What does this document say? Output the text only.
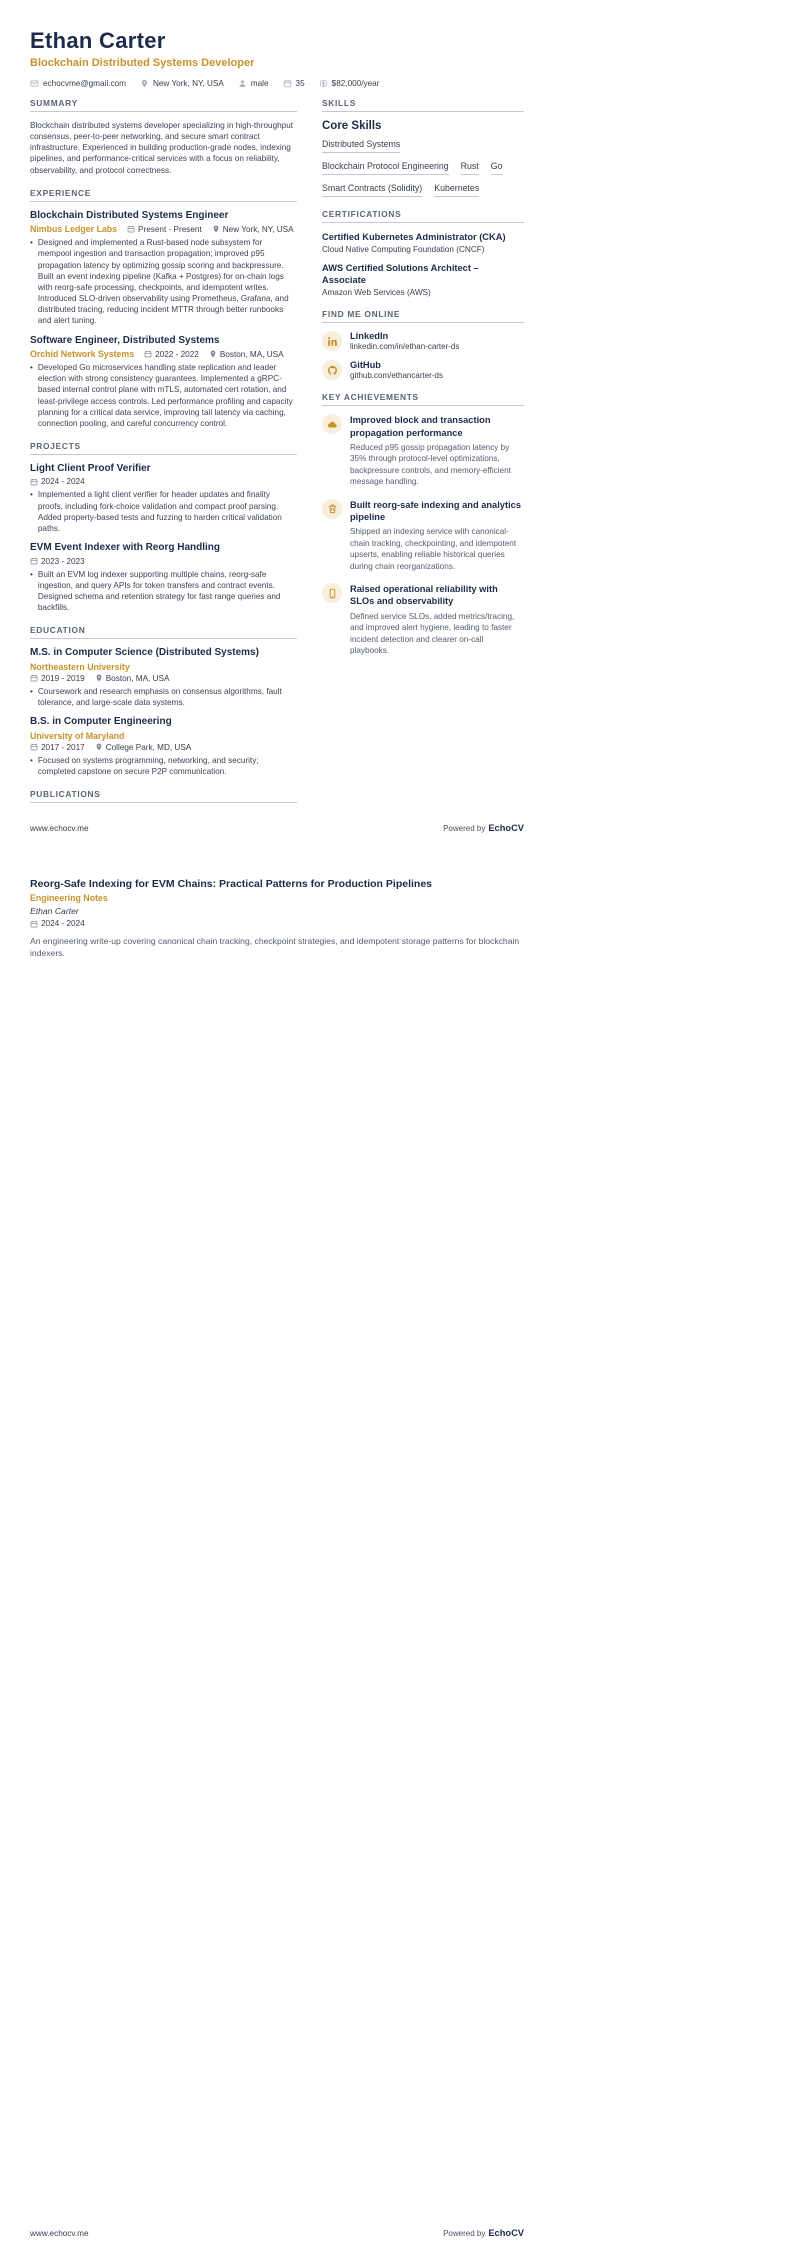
Ethan Carter
Blockchain Distributed Systems Developer
echocvme@gmail.com	New York, NY, USA	male	35	$82,000/year
SUMMARY

Blockchain distributed systems developer specializing in high-throughput consensus, peer-to-peer networking, and secure smart contract infrastructure. Experienced in building production-grade nodes, indexing pipelines, and performance-critical services with a focus on reliability, observability, and protocol correctness.

EXPERIENCE
Blockchain Distributed Systems Engineer
Nimbus Ledger Labs	Present - Present	New York, NY, USA
• Designed and implemented a Rust-based node subsystem for mempool ingestion and transaction propagation; improved p95 propagation latency by optimizing gossip scoring and backpressure. Built an event indexing pipeline (Kafka + Postgres) for on-chain logs with reorg-safe processing, checkpoints, and idempotent writes. Introduced SLO-driven observability using Prometheus, Grafana, and distributed tracing, reducing incident MTTR through better runbooks and alert tuning.
Software Engineer, Distributed Systems
Orchid Network Systems	2022 - 2022	Boston, MA, USA
• Developed Go microservices handling state replication and leader election with strong consistency guarantees. Implemented a gRPC-based internal control plane with mTLS, automated cert rotation, and least-privilege access controls. Led performance profiling and capacity planning for a critical data service, improving tail latency via caching, connection pooling, and careful concurrency control.
PROJECTS
Light Client Proof Verifier
2024 - 2024
• Implemented a light client verifier for header updates and finality proofs, including fork-choice validation and compact proof parsing. Added property-based tests and fuzzing to harden critical validation paths.
EVM Event Indexer with Reorg Handling
2023 - 2023
• Built an EVM log indexer supporting multiple chains, reorg-safe ingestion, and query APIs for token transfers and contract events. Designed schema and retention strategy for fast range queries and backfills.
EDUCATION
M.S. in Computer Science (Distributed Systems)
Northeastern University
2019 - 2019	Boston, MA, USA
• Coursework and research emphasis on consensus algorithms, fault tolerance, and large-scale data systems.
B.S. in Computer Engineering
University of Maryland
2017 - 2017	College Park, MD, USA
• Focused on systems programming, networking, and security; completed capstone on secure P2P communication.
PUBLICATIONS
SKILLS
Core Skills
Distributed Systems
Blockchain Protocol Engineering Rust Go
Smart Contracts (Solidity) Kubernetes
CERTIFICATIONS
Certified Kubernetes Administrator (CKA)
Cloud Native Computing Foundation (CNCF)
AWS Certified Solutions Architect – Associate
Amazon Web Services (AWS)
FIND ME ONLINE
LinkedIn
linkedin.com/in/ethan-carter-ds
GitHub
github.com/ethancarter-ds
KEY ACHIEVEMENTS
Improved block and transaction propagation performance
Reduced p95 gossip propagation latency by 35% through protocol-level optimizations, backpressure controls, and memory-efficient message handling.
Built reorg-safe indexing and analytics pipeline
Shipped an indexing service with canonical-chain tracking, checkpointing, and idempotent upserts, enabling reliable historical queries during chain reorganizations.
Raised operational reliability with SLOs and observability
Defined service SLOs, added metrics/tracing, and improved alert hygiene, leading to faster incident detection and clearer on-call playbooks.
www.echocv.me	Powered by EchoCV
Reorg-Safe Indexing for EVM Chains: Practical Patterns for Production Pipelines
Engineering Notes
Ethan Carter
2024 - 2024
An engineering write-up covering canonical chain tracking, checkpoint strategies, and idempotent storage patterns for blockchain indexers.
www.echocv.me	Powered by EchoCV
